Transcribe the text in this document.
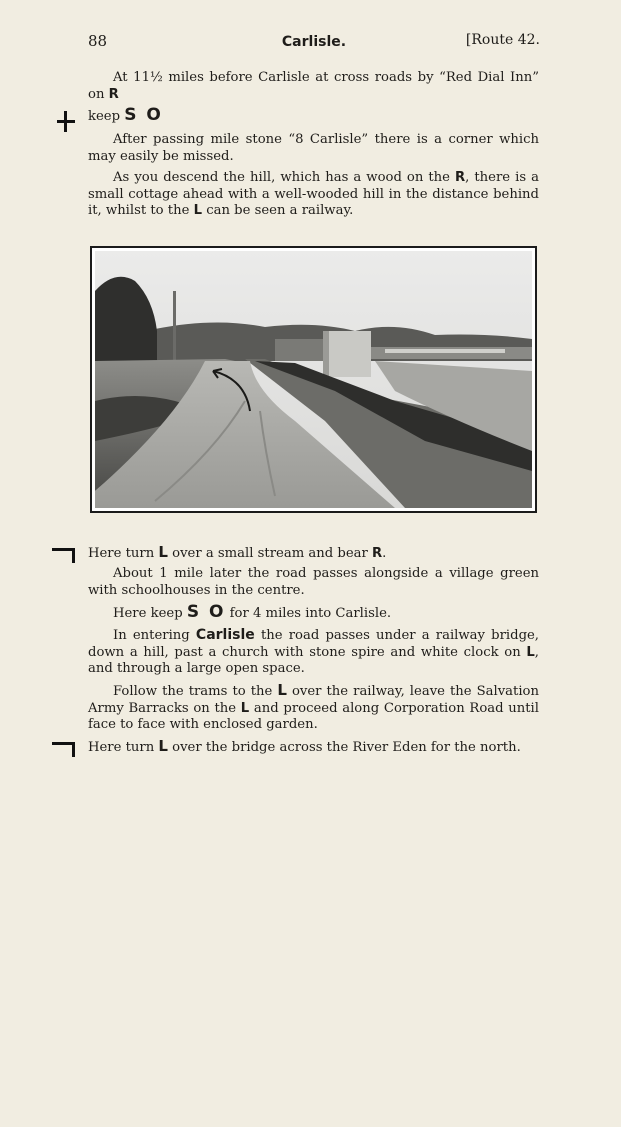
88	Carlisle.	[Route 42.

At 11½ miles before Carlisle at cross roads by “Red Dial Inn” on R

keep S O

After passing mile stone “8 Carlisle” there is a corner which may easily be missed.

As you descend the hill, which has a wood on the R, there is a small cottage ahead with a well-wooded hill in the distance behind it, whilst to the L can be seen a railway.

Here turn L over a small stream and bear R.

About 1 mile later the road passes alongside a village green with schoolhouses in the centre.

Here keep S O for 4 miles into Carlisle.

In entering Carlisle the road passes under a railway bridge, down a hill, past a church with stone spire and white clock on L, and through a large open space.

Follow the trams to the L over the railway, leave the Salvation Army Barracks on the L and proceed along Corporation Road until face to face with enclosed garden.

Here turn L over the bridge across the River Eden for the north.
